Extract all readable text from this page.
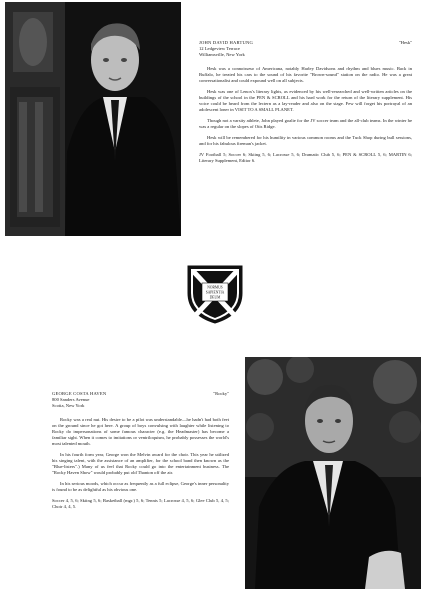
JOHN DAVID HARTUNG	"Hesk"
12 Ledgeview Terrace
Williamsville, New York

Hesk was a connoisseur of Americana, notably Harley Davidsons and rhythm and blues music. Back in Buffalo, he treated his cars to the sound of his favorite "Brown-sound" station on the radio. He was a great conversationalist and could expound well on all subjects.

Hesk was one of Lenox's literary lights, as evidenced by his well-researched and well-written articles on the buildings of the school in the PEN & SCROLL and his hard work for the return of the literary supplement. His voice could be heard from the lectern as a lay-reader and also on the stage. Few will forget his portrayal of an adolescent loner in VISIT TO A SMALL PLANET.

Though not a varsity athlete, John played goalie for the JV soccer team and the all-club teams. In the winter he was a regular on the slopes of Otis Ridge.

Hesk will be remembered for his humility in various common rooms and the Tuck Shop during bull sessions, and for his fabulous fireman's jacket.

JV Football 5; Soccer 6; Skiing 5, 6; Lacrosse 5, 6; Dramatic Club 5, 6; PEN & SCROLL 5, 6; MARTIN 6; Literary Supplement, Editor 6.

NORMUS
SAPIENTIA
DEUM
GEORGE COSTA HAVEN	"Rocky"
800 Sanders Avenue
Scotia, New York

Rocky was a real nut. His desire to be a pilot was understandable—he hadn't had both feet on the ground since he got here. A group of boys convulsing with laughter while listening to Rocky do impersonations of some famous character (e.g. the Headmaster) has become a familiar sight. When it comes to imitations or ventriloquism, he probably possesses the world's most talented mouth.

In his fourth form year, George won the Melvin award for the choir. This year he utilized his singing talent, with the assistance of an amplifier, for the school band then known as the "Blue-listers".) Many of us feel that Rocky could go into the entertainment business. The "Rocky Haven Show" would probably put old Thanton off the air.

In his serious moods, which occur as frequently as a full eclipse, George's inner personality is found to be as delightful as his obvious one.

Soccer 4, 5, 6; Skiing 5, 6; Basketball (mgr.) 5, 6; Tennis 5; Lacrosse 4, 5, 6; Glee Club 5, 4, 5; Choir 4, 4, 5.
